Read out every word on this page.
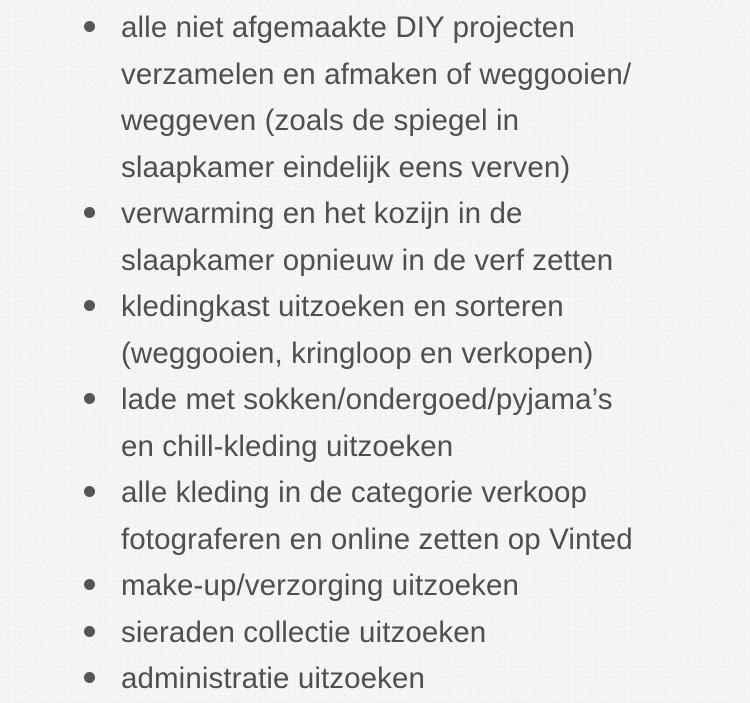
alle niet afgemaakte DIY projecten
verzamelen en afmaken of weggooien/
weggeven (zoals de spiegel in
slaapkamer eindelijk eens verven)
verwarming en het kozijn in de
slaapkamer opnieuw in de verf zetten
kledingkast uitzoeken en sorteren
(weggooien, kringloop en verkopen)
lade met sokken/ondergoed/pyjama’s
en chill-kleding uitzoeken
alle kleding in de categorie verkoop
fotograferen en online zetten op Vinted
make-up/verzorging uitzoeken
sieraden collectie uitzoeken
administratie uitzoeken
